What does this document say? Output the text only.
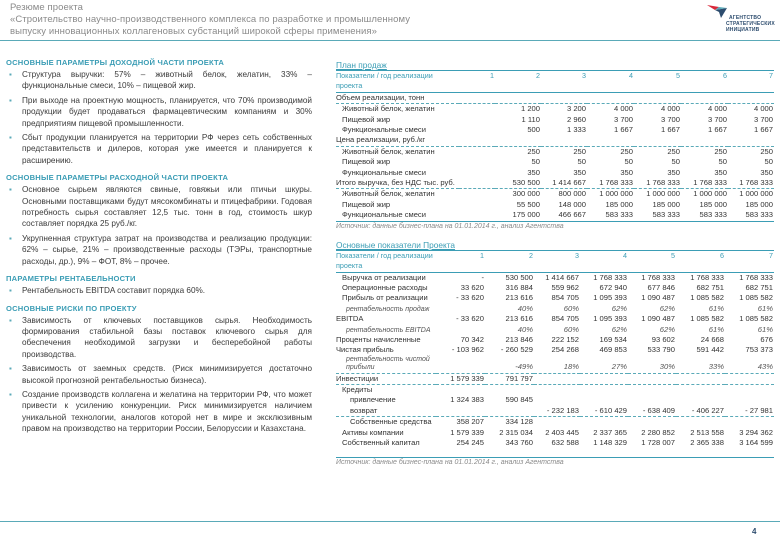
Резюме проекта
«Строительство научно-производственного комплекса по разработке и промышленному
выпуску инновационных коллагеновых субстанций широкой сферы применения»
АГЕНТСТВО
СТРАТЕГИЧЕСКИХ
ИНИЦИАТИВ
ОСНОВНЫЕ ПАРАМЕТРЫ ДОХОДНОЙ ЧАСТИ ПРОЕКТА
▪ Структура выручки: 57% – животный белок, желатин, 33% – функциональные смеси, 10% – пищевой жир.
▪ При выходе на проектную мощность, планируется, что 70% производимой продукции будет продаваться фармацевтическим компаниям и 30% предприятиям пищевой промышленности.
▪ Сбыт продукции планируется на территории РФ через сеть собственных представительств и дилеров, которая уже имеется и планируется к расширению.
ОСНОВНЫЕ ПАРАМЕТРЫ РАСХОДНОЙ ЧАСТИ ПРОЕКТА
▪ Основное сырьем являются свиные, говяжьи или птичьи шкуры. Основными поставщиками будут мясокомбинаты и птицефабрики. Годовая потребность сырья составляет 12,5 тыс. тонн в год, стоимость шкур составляет порядка 25 руб./кг.
▪ Укрупненная структура затрат на производства и реализацию продукции: 62% – сырье, 21% – производственные расходы (ТЭРы, транспортные расходы, др.), 9% – ФОТ, 8% – прочее.
ПАРАМЕТРЫ РЕНТАБЕЛЬНОСТИ
▪ Рентабельность EBITDA составит порядка 60%.
ОСНОВНЫЕ РИСКИ ПО ПРОЕКТУ
▪ Зависимость от ключевых поставщиков сырья. Необходимость формирования стабильной базы поставок ключевого сырья для обеспечения необходимой загрузки и бесперебойной работы производства.
▪ Зависимость от заемных средств. (Риск минимизируется достаточно высокой прогнозной рентабельностью бизнеса).
▪ Создание производств коллагена и желатина на территории РФ, что может привести к усилению конкуренции. Риск минимизируется наличием уникальной технологии, аналогов которой нет в мире и эксклюзивным правом на производство на территории России, Белоруссии и Казахстана.
План продаж
Показатели / год реализации проекта	1	2	3	4	5	6	7
Объем реализации, тонн							
Животный белок, желатин		1 200	3 200	4 000	4 000	4 000	4 000
Пищевой жир		1 110	2 960	3 700	3 700	3 700	3 700
Функциональные смеси		500	1 333	1 667	1 667	1 667	1 667
Цена реализации, руб./кг							
Животный белок, желатин		250	250	250	250	250	250
Пищевой жир		50	50	50	50	50	50
Функциональные смеси		350	350	350	350	350	350
Итого выручка, без НДС тыс. руб.		530 500	1 414 667	1 768 333	1 768 333	1 768 333	1 768 333
Животный белок, желатин		300 000	800 000	1 000 000	1 000 000	1 000 000	1 000 000
Пищевой жир		55 500	148 000	185 000	185 000	185 000	185 000
Функциональные смеси		175 000	466 667	583 333	583 333	583 333	583 333
Источник: данные бизнес-плана на 01.01.2014 г., анализ Агентства
Основные показатели Проекта
Показатели / год реализации проекта	1	2	3	4	5	6	7
Выручка от реализации	-	530 500	1 414 667	1 768 333	1 768 333	1 768 333	1 768 333
Операционные расходы	33 620	316 884	559 962	672 940	677 846	682 751	682 751
Прибыль от реализации	- 33 620	213 616	854 705	1 095 393	1 090 487	1 085 582	1 085 582
рентабельность продаж		40%	60%	62%	62%	61%	61%
EBITDA	- 33 620	213 616	854 705	1 095 393	1 090 487	1 085 582	1 085 582
рентабельность EBITDA		40%	60%	62%	62%	61%	61%
Проценты начисленные	70 342	213 846	222 152	169 534	93 602	24 668	676
Чистая прибыль	- 103 962	- 260 529	254 268	469 853	533 790	591 442	753 373
рентабельность чистой прибыли		-49%	18%	27%	30%	33%	43%
Инвестиции	1 579 339	791 797					
Кредиты							
привлечение	1 324 383	590 845					
возврат			- 232 183	- 610 429	- 638 409	- 406 227	- 27 981
Собственные средства	358 207	334 128					
Активы компании	1 579 339	2 315 034	2 403 445	2 337 365	2 280 852	2 513 558	3 294 362
Собственный капитал	254 245	343 760	632 588	1 148 329	1 728 007	2 365 338	3 164 599
Источник: данные бизнес-плана на 01.01.2014 г., анализ Агентства
4
